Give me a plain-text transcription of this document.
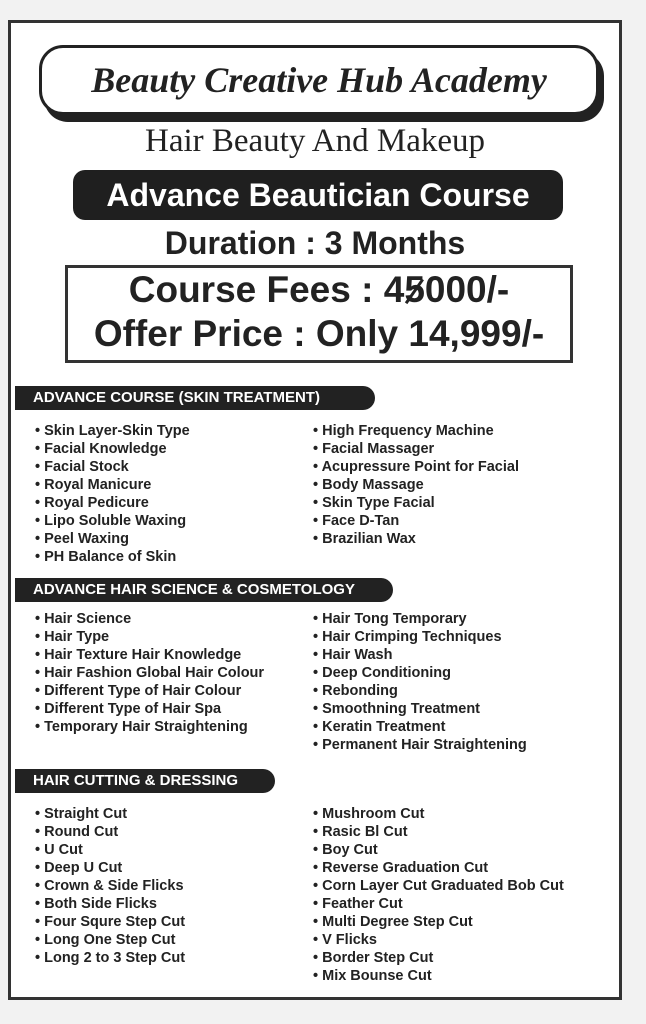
Beauty Creative Hub Academy
Hair Beauty And Makeup
Advance Beautician Course
Duration : 3 Months
Course Fees : 45000/-
Offer Price : Only 14,999/-
ADVANCE COURSE (SKIN TREATMENT)
• Skin Layer-Skin Type
• Facial Knowledge
• Facial Stock
• Royal Manicure
• Royal Pedicure
• Lipo Soluble Waxing
• Peel Waxing
• PH Balance of Skin
• High Frequency Machine
• Facial Massager
• Acupressure Point for Facial
• Body Massage
• Skin Type Facial
• Face D-Tan
• Brazilian Wax
ADVANCE HAIR SCIENCE & COSMETOLOGY
• Hair Science
• Hair Type
• Hair Texture Hair Knowledge
• Hair Fashion Global Hair Colour
• Different Type of Hair Colour
• Different Type of Hair Spa
• Temporary Hair Straightening
• Hair Tong Temporary
• Hair Crimping Techniques
• Hair Wash
• Deep Conditioning
• Rebonding
• Smoothning Treatment
• Keratin Treatment
• Permanent Hair Straightening
HAIR CUTTING & DRESSING
• Straight Cut
• Round Cut
• U Cut
• Deep U Cut
• Crown & Side Flicks
• Both Side Flicks
• Four Squre Step Cut
• Long One Step Cut
• Long 2 to 3 Step Cut
• Mushroom Cut
• Rasic Bl Cut
• Boy Cut
• Reverse Graduation Cut
• Corn Layer Cut Graduated Bob Cut
• Feather Cut
• Multi Degree Step Cut
• V Flicks
• Border Step Cut
• Mix Bounse Cut
